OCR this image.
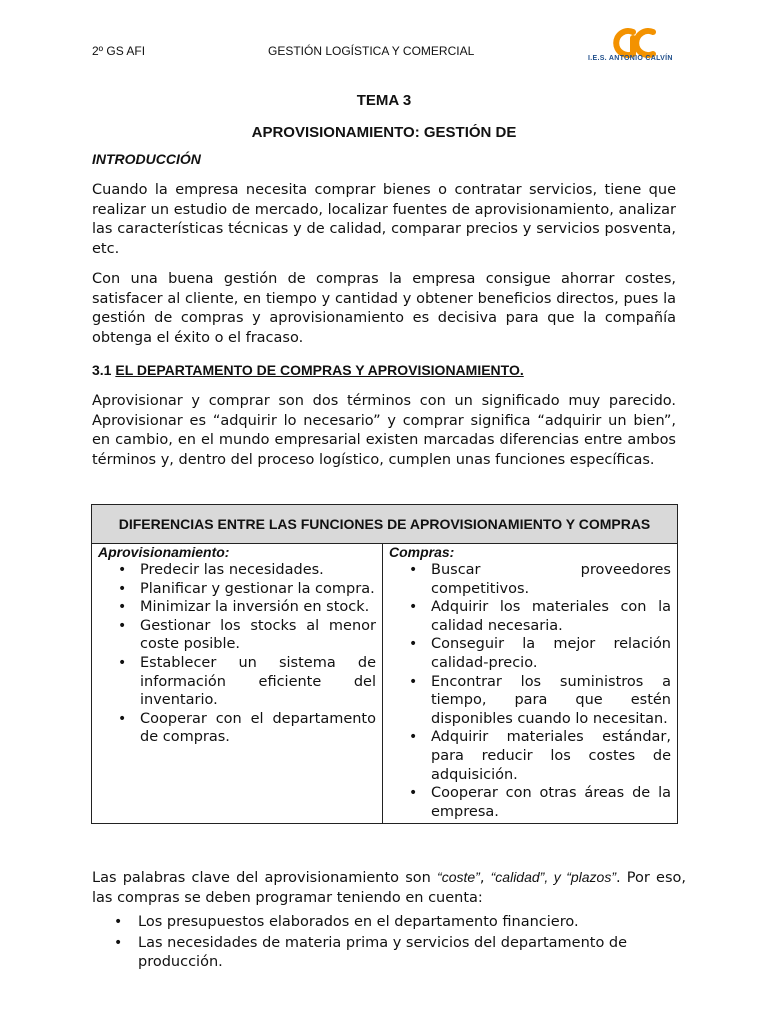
2º GS AFI	GESTIÓN LOGÍSTICA Y COMERCIAL
I.E.S. ANTONIO CALVÍN
TEMA 3
APROVISIONAMIENTO: GESTIÓN DE
INTRODUCCIÓN
Cuando la empresa necesita comprar bienes o contratar servicios, tiene que realizar un estudio de mercado, localizar fuentes de aprovisionamiento, analizar las características técnicas y de calidad, comparar precios y servicios posventa, etc.
Con una buena gestión de compras la empresa consigue ahorrar costes, satisfacer al cliente, en tiempo y cantidad y obtener beneficios directos, pues la gestión de compras y aprovisionamiento es decisiva para que la compañía obtenga el éxito o el fracaso.
3.1 EL DEPARTAMENTO DE COMPRAS Y APROVISIONAMIENTO.
Aprovisionar y comprar son dos términos con un significado muy parecido. Aprovisionar es “adquirir lo necesario” y comprar significa “adquirir un bien”, en cambio, en el mundo empresarial existen marcadas diferencias entre ambos términos y, dentro del proceso logístico, cumplen unas funciones específicas.
DIFERENCIAS ENTRE LAS FUNCIONES DE APROVISIONAMIENTO Y COMPRAS

Aprovisionamiento:
• Predecir las necesidades.
• Planificar y gestionar la compra.
• Minimizar la inversión en stock.
• Gestionar los stocks al menor coste posible.
• Establecer un sistema de información eficiente del inventario.
• Cooperar con el departamento de compras.

Compras:
• Buscar proveedores competitivos.
• Adquirir los materiales con la calidad necesaria.
• Conseguir la mejor relación calidad-precio.
• Encontrar los suministros a tiempo, para que estén disponibles cuando lo necesitan.
• Adquirir materiales estándar, para reducir los costes de adquisición.
• Cooperar con otras áreas de la empresa.
Las palabras clave del aprovisionamiento son “coste”, “calidad”, y “plazos”. Por eso, las compras se deben programar teniendo en cuenta:
• Los presupuestos elaborados en el departamento financiero.
• Las necesidades de materia prima y servicios del departamento de producción.
